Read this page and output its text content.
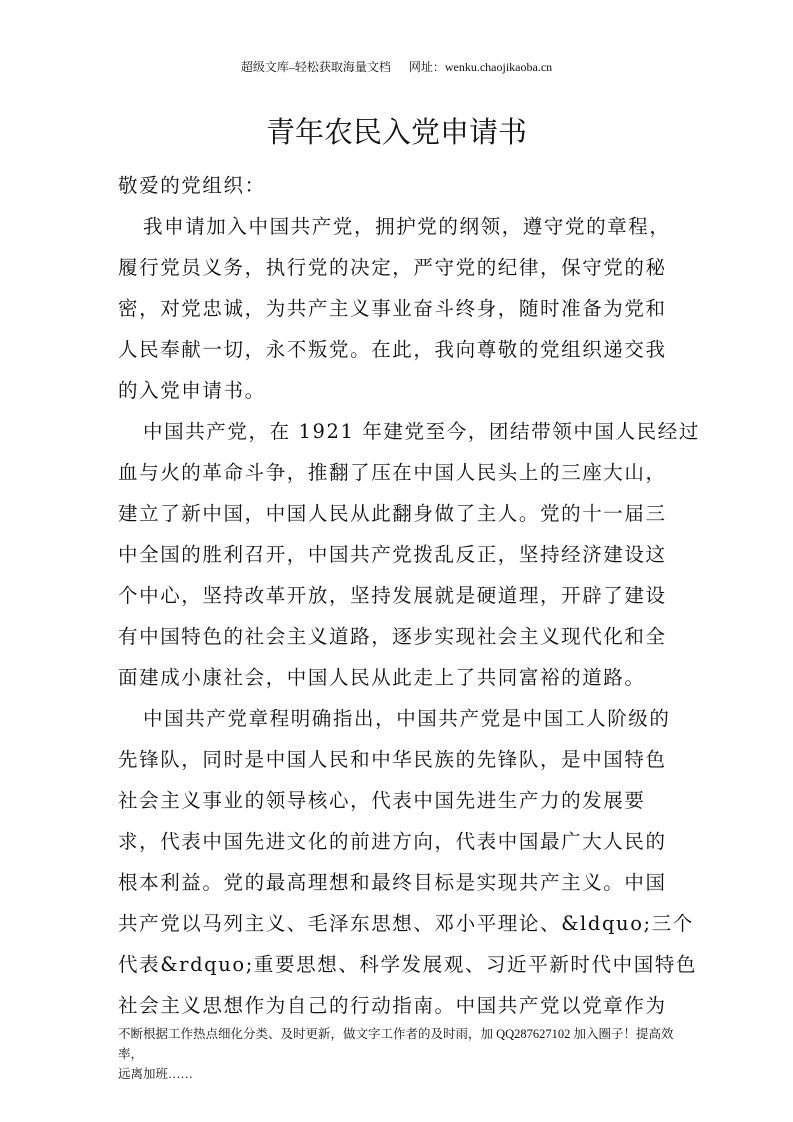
超级文库–轻松获取海量文档 网址：wenku.chaojikaoba.cn
青年农民入党申请书
敬爱的党组织：
我申请加入中国共产党，拥护党的纲领，遵守党的章程，
履行党员义务，执行党的决定，严守党的纪律，保守党的秘
密，对党忠诚，为共产主义事业奋斗终身，随时准备为党和
人民奉献一切，永不叛党。在此，我向尊敬的党组织递交我
的入党申请书。
中国共产党，在 1921 年建党至今，团结带领中国人民经过
血与火的革命斗争，推翻了压在中国人民头上的三座大山，
建立了新中国，中国人民从此翻身做了主人。党的十一届三
中全国的胜利召开，中国共产党拨乱反正，坚持经济建设这
个中心，坚持改革开放，坚持发展就是硬道理，开辟了建设
有中国特色的社会主义道路，逐步实现社会主义现代化和全
面建成小康社会，中国人民从此走上了共同富裕的道路。
中国共产党章程明确指出，中国共产党是中国工人阶级的
先锋队，同时是中国人民和中华民族的先锋队，是中国特色
社会主义事业的领导核心，代表中国先进生产力的发展要
求，代表中国先进文化的前进方向，代表中国最广大人民的
根本利益。党的最高理想和最终目标是实现共产主义。中国
共产党以马列主义、毛泽东思想、邓小平理论、&ldquo;三个
代表&rdquo;重要思想、科学发展观、习近平新时代中国特色
社会主义思想作为自己的行动指南。中国共产党以党章作为
不断根据工作热点细化分类、及时更新，做文字工作者的及时雨，加 QQ287627102 加入圈子！提高效率，
远离加班……
